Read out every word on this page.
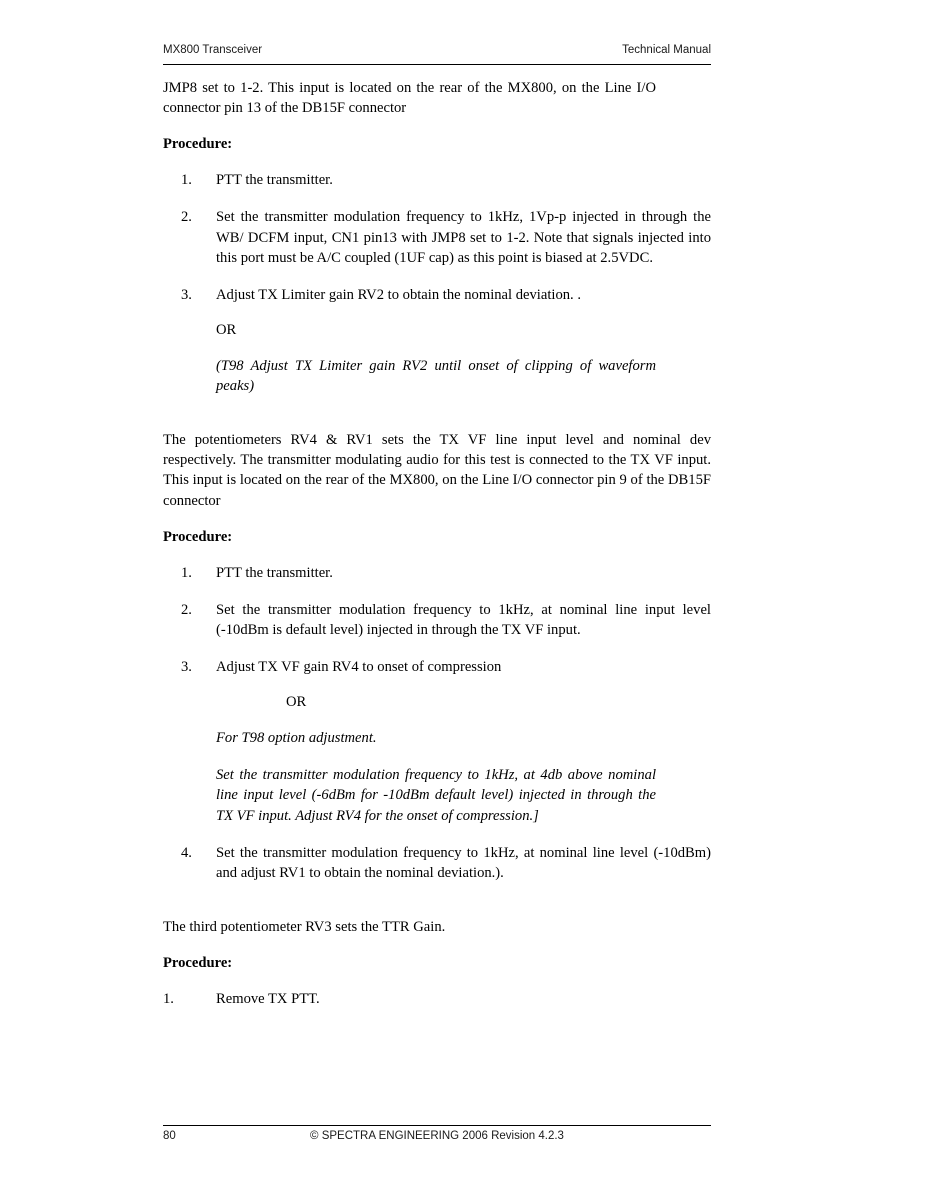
MX800 Transceiver	Technical Manual

JMP8 set to 1-2. This input is located on the rear of the MX800, on the Line I/O connector pin 13 of the DB15F connector

Procedure:
1.	PTT the transmitter.
2.	Set the transmitter modulation frequency to 1kHz, 1Vp-p injected in through the WB/ DCFM input, CN1 pin13 with JMP8 set to 1-2. Note that signals injected into this port must be A/C coupled (1UF cap) as this point is biased at 2.5VDC.
3.	Adjust TX Limiter gain RV2 to obtain the nominal deviation. .
OR
(T98 Adjust TX Limiter gain RV2 until onset of clipping of waveform peaks)

The potentiometers RV4 & RV1 sets the TX VF line input level and nominal dev respectively. The transmitter modulating audio for this test is connected to the TX VF input. This input is located on the rear of the MX800, on the Line I/O connector pin 9 of the DB15F connector

Procedure:
1.	PTT the transmitter.
2.	Set the transmitter modulation frequency to 1kHz, at nominal line input level (-10dBm is default level) injected in through the TX VF input.
3.	Adjust TX VF gain RV4 to onset of compression
OR
For T98 option adjustment.
Set the transmitter modulation frequency to 1kHz, at 4db above nominal line input level (-6dBm for -10dBm default level) injected in through the TX VF input. Adjust RV4 for the onset of compression.]
4.	Set the transmitter modulation frequency to 1kHz, at nominal line level (-10dBm) and adjust RV1 to obtain the nominal deviation.).

The third potentiometer RV3 sets the TTR Gain.

Procedure:
1.	Remove TX PTT.
80	© SPECTRA ENGINEERING 2006 Revision 4.2.3
